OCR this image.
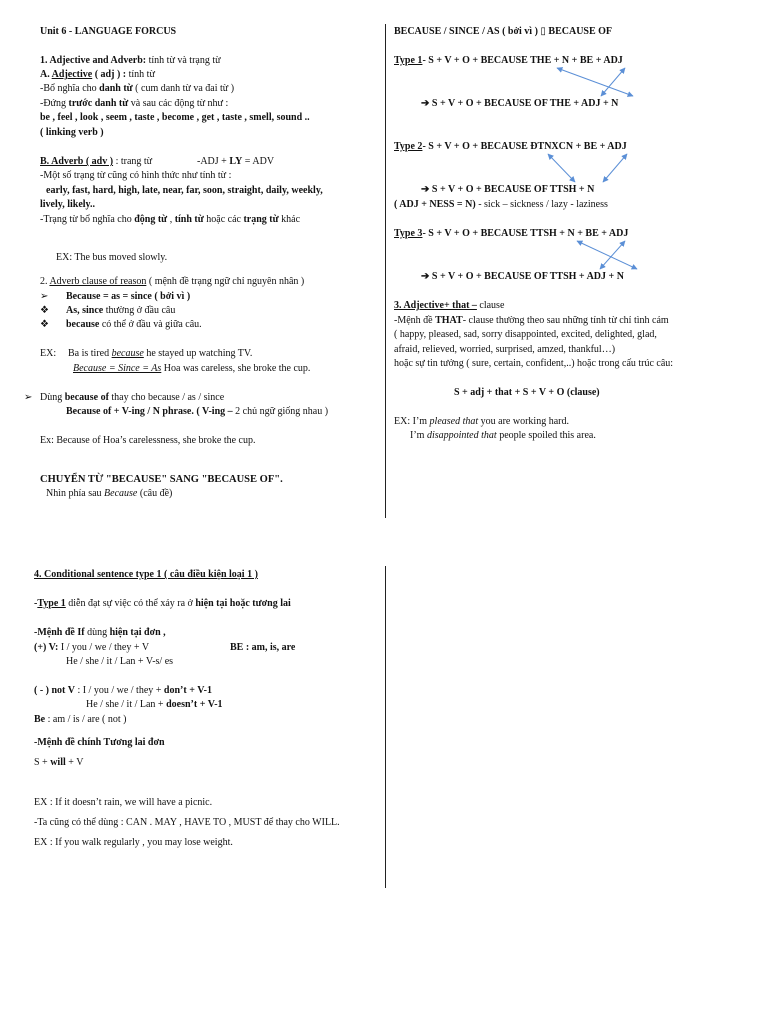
Unit 6 - LANGUAGE FORCUS
1. Adjective and Adverb: tính từ và trạng từ
A. Adjective ( adj ) : tính từ
-Bổ nghĩa cho danh từ ( cum danh từ va đai từ )
-Đứng trước danh từ và sau các động từ như :
be , feel , look , seem , taste , become , get , taste , smell, sound ..
( linking verb )
B. Adverb ( adv ) : trang từ	-ADJ + LY = ADV
-Một số trạng từ cũng có hình thức như tính từ :
early, fast, hard, high, late, near, far, soon, straight, daily, weekly,
lively, likely..
-Trạng từ bổ nghĩa cho động từ , tính từ hoặc các trạng từ khác
EX: The bus moved slowly.
2. Adverb clause of reason ( mệnh đề trạng ngữ chỉ nguyên nhân )
➢ Because = as = since ( bởi vì )
❖ As, since thường ở đầu câu
❖ because có thể ở đầu và giữa câu.
EX: Ba is tired because he stayed up watching TV.
Because = Since = As Hoa was careless, she broke the cup.
➢ Dùng because of thay cho because / as / since
Because of + V-ing / N phrase. ( V-ing – 2 chủ ngữ giống nhau )
Ex: Because of Hoa’s carelessness, she broke the cup.
CHUYỂN TỪ "BECAUSE" SANG "BECAUSE OF".
Nhìn phía sau Because (câu đề)
BECAUSE / SINCE / AS ( bởi vì ) ▯ BECAUSE OF
Type 1- S + V + O + BECAUSE THE + N + BE + ADJ
➔ S + V + O + BECAUSE OF THE + ADJ + N
Type 2- S + V + O + BECAUSE ĐTNXCN + BE + ADJ
➔ S + V + O + BECAUSE OF TTSH + N
( ADJ + NESS = N) - sick – sickness / lazy - laziness
Type 3- S + V + O + BECAUSE TTSH + N + BE + ADJ
➔ S + V + O + BECAUSE OF TTSH + ADJ + N
3. Adjective+ that – clause
-Mệnh đề THAT- clause thường theo sau những tính từ chỉ tình cảm
( happy, pleased, sad, sorry disappointed, excited, delighted, glad,
afraid, relieved, worried, surprised, amzed, thankful…)
hoặc sự tin tưởng ( sure, certain, confident,..) hoặc trong cấu trúc câu:
S + adj + that + S + V + O (clause)
EX: I’m pleased that you are working hard.
I’m disappointed that people spoiled this area.
4. Conditional sentence type 1 ( câu điều kiện loại 1 )
-Type 1 diễn đạt sự việc có thể xảy ra ở hiện tại hoặc tương lai
-Mệnh đề If dùng hiện tại đơn ,
(+) V: I / you / we / they + V	BE : am, is, are
He / she / it / Lan + V-s/ es
( - ) not V : I / you / we / they + don’t + V-1
He / she / it / Lan + doesn’t + V-1
Be : am / is / are ( not )
-Mệnh đề chính Tương lai đơn
S + will + V
EX : If it doesn’t rain, we will have a picnic.
-Ta cũng có thể dùng : CAN . MAY , HAVE TO , MUST để thay cho WILL.
EX : If you walk regularly , you may lose weight.
